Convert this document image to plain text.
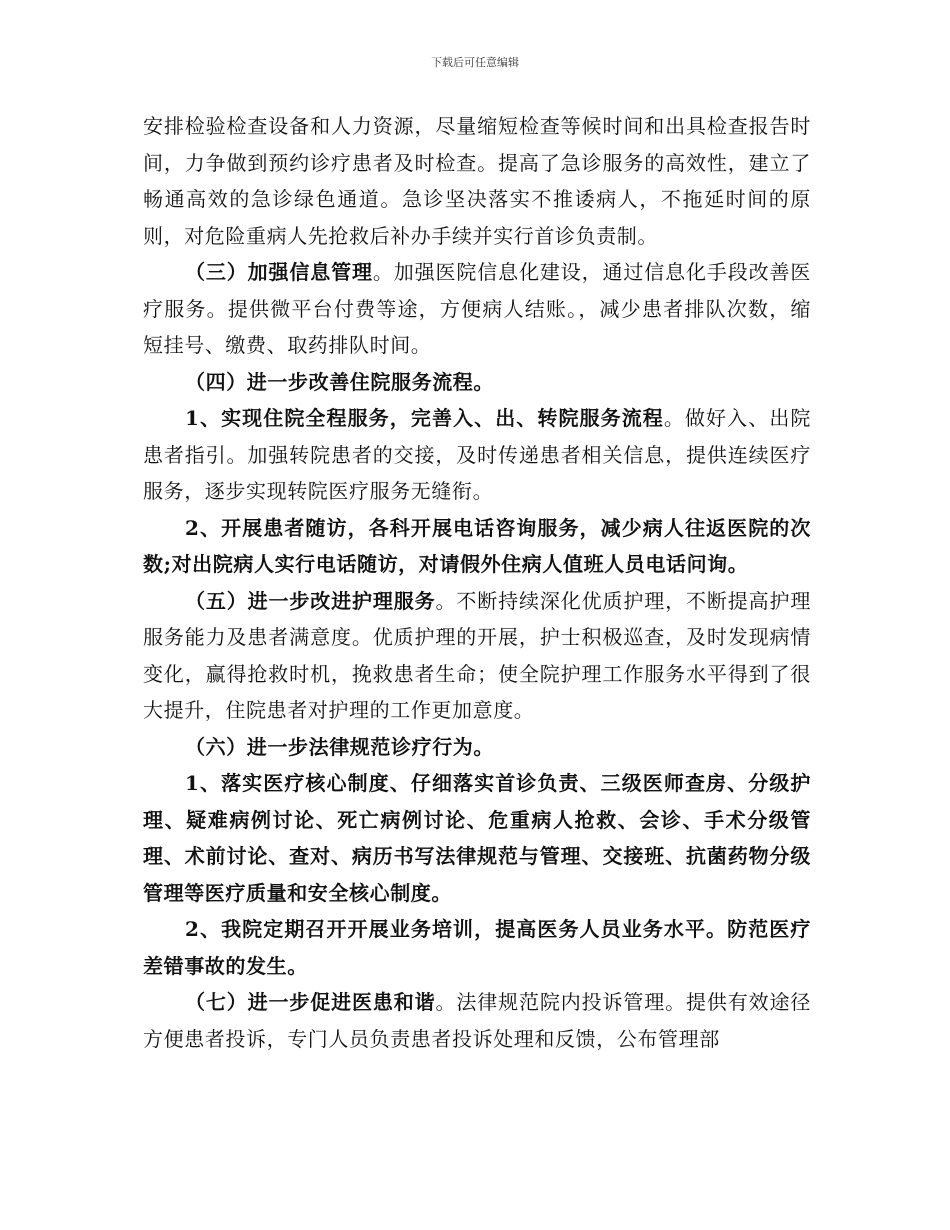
下载后可任意编辑

安排检验检查设备和人力资源，尽量缩短检查等候时间和出具检查报告时间，力争做到预约诊疗患者及时检查。提高了急诊服务的高效性，建立了畅通高效的急诊绿色通道。急诊坚决落实不推诿病人，不拖延时间的原则，对危险重病人先抢救后补办手续并实行首诊负责制。

（三）加强信息管理。加强医院信息化建设，通过信息化手段改善医疗服务。提供微平台付费等途，方便病人结账。，减少患者排队次数，缩短挂号、缴费、取药排队时间。

（四）进一步改善住院服务流程。

1、实现住院全程服务，完善入、出、转院服务流程。做好入、出院患者指引。加强转院患者的交接，及时传递患者相关信息，提供连续医疗服务，逐步实现转院医疗服务无缝衔。

2、开展患者随访，各科开展电话咨询服务，减少病人往返医院的次数;对出院病人实行电话随访，对请假外住病人值班人员电话问询。

（五）进一步改进护理服务。不断持续深化优质护理，不断提高护理服务能力及患者满意度。优质护理的开展，护士积极巡查，及时发现病情变化，赢得抢救时机，挽救患者生命；使全院护理工作服务水平得到了很大提升，住院患者对护理的工作更加意度。

（六）进一步法律规范诊疗行为。

1、落实医疗核心制度、仔细落实首诊负责、三级医师查房、分级护理、疑难病例讨论、死亡病例讨论、危重病人抢救、会诊、手术分级管理、术前讨论、查对、病历书写法律规范与管理、交接班、抗菌药物分级管理等医疗质量和安全核心制度。

2、我院定期召开开展业务培训，提高医务人员业务水平。防范医疗差错事故的发生。

（七）进一步促进医患和谐。法律规范院内投诉管理。提供有效途径方便患者投诉，专门人员负责患者投诉处理和反馈，公布管理部
